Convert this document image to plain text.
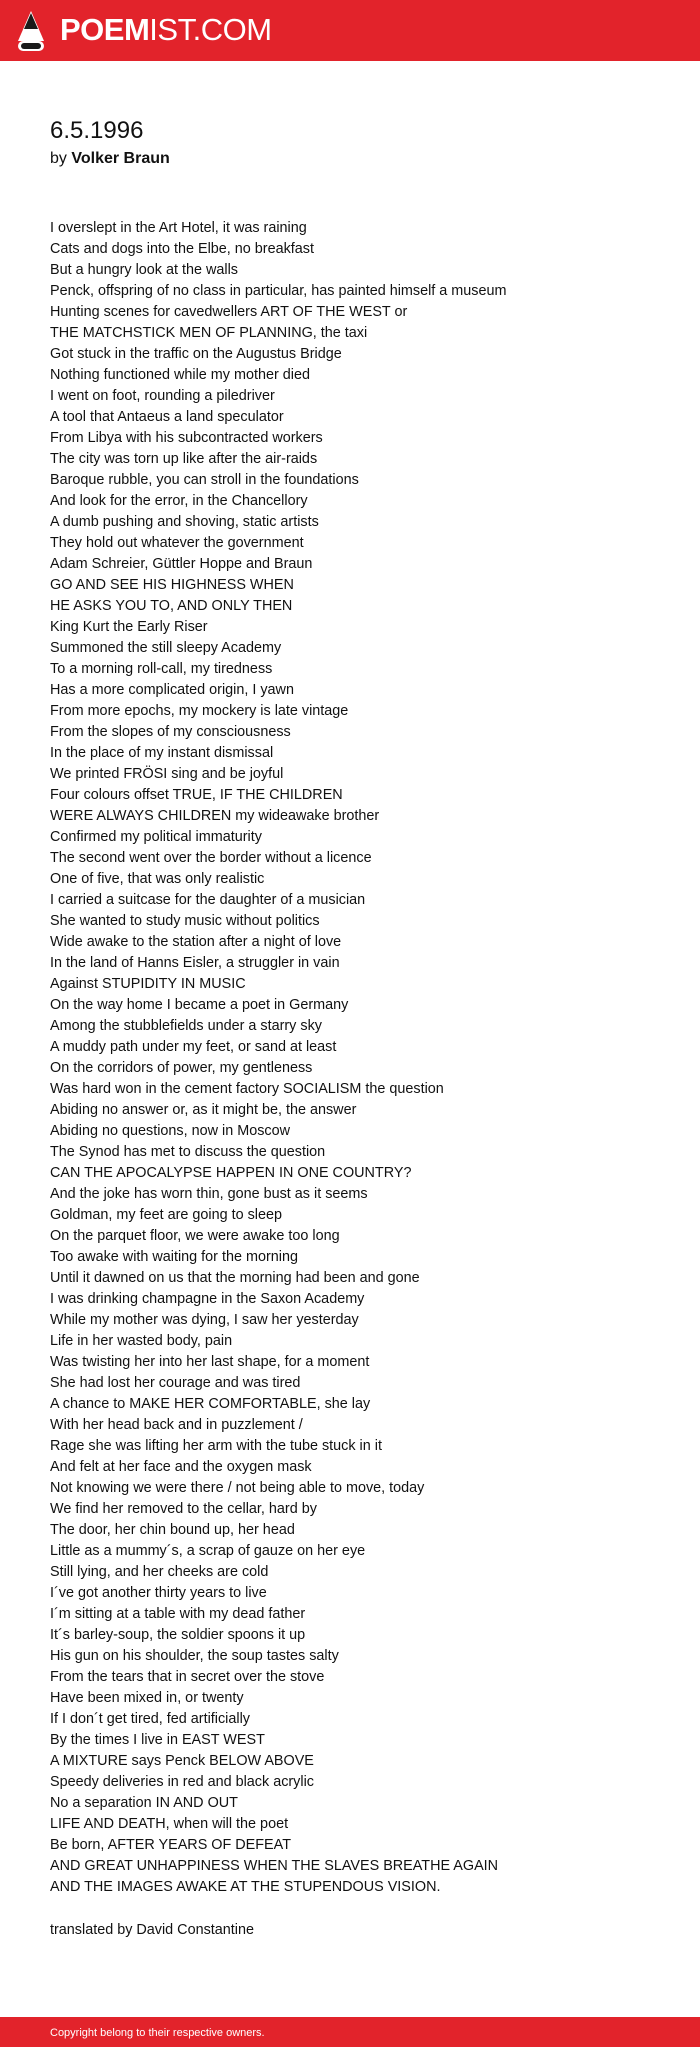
POEMIST.COM
6.5.1996
by Volker Braun
I overslept in the Art Hotel, it was raining
Cats and dogs into the Elbe, no breakfast
But a hungry look at the walls
Penck, offspring of no class in particular, has painted himself a museum
Hunting scenes for cavedwellers ART OF THE WEST or
THE MATCHSTICK MEN OF PLANNING, the taxi
Got stuck in the traffic on the Augustus Bridge
Nothing functioned while my mother died
I went on foot, rounding a piledriver
A tool that Antaeus a land speculator
From Libya with his subcontracted workers
The city was torn up like after the air-raids
Baroque rubble, you can stroll in the foundations
And look for the error, in the Chancellory
A dumb pushing and shoving, static artists
They hold out whatever the government
Adam Schreier, Güttler Hoppe and Braun
GO AND SEE HIS HIGHNESS WHEN
HE ASKS YOU TO, AND ONLY THEN
King Kurt the Early Riser
Summoned the still sleepy Academy
To a morning roll-call, my tiredness
Has a more complicated origin, I yawn
From more epochs, my mockery is late vintage
From the slopes of my consciousness
In the place of my instant dismissal
We printed FRÖSI sing and be joyful
Four colours offset TRUE, IF THE CHILDREN
WERE ALWAYS CHILDREN my wideawake brother
Confirmed my political immaturity
The second went over the border without a licence
One of five, that was only realistic
I carried a suitcase for the daughter of a musician
She wanted to study music without politics
Wide awake to the station after a night of love
In the land of Hanns Eisler, a struggler in vain
Against STUPIDITY IN MUSIC
On the way home I became a poet in Germany
Among the stubblefields under a starry sky
A muddy path under my feet, or sand at least
On the corridors of power, my gentleness
Was hard won in the cement factory SOCIALISM the question
Abiding no answer or, as it might be, the answer
Abiding no questions, now in Moscow
The Synod has met to discuss the question
CAN THE APOCALYPSE HAPPEN IN ONE COUNTRY?
And the joke has worn thin, gone bust as it seems
Goldman, my feet are going to sleep
On the parquet floor, we were awake too long
Too awake with waiting for the morning
Until it dawned on us that the morning had been and gone
I was drinking champagne in the Saxon Academy
While my mother was dying, I saw her yesterday
Life in her wasted body, pain
Was twisting her into her last shape, for a moment
She had lost her courage and was tired
A chance to MAKE HER COMFORTABLE, she lay
With her head back and in puzzlement /
Rage she was lifting her arm with the tube stuck in it
And felt at her face and the oxygen mask
Not knowing we were there / not being able to move, today
We find her removed to the cellar, hard by
The door, her chin bound up, her head
Little as a mummy´s, a scrap of gauze on her eye
Still lying, and her cheeks are cold
I´ve got another thirty years to live
I´m sitting at a table with my dead father
It´s barley-soup, the soldier spoons it up
His gun on his shoulder, the soup tastes salty
From the tears that in secret over the stove
Have been mixed in, or twenty
If I don´t get tired, fed artificially
By the times I live in EAST WEST
A MIXTURE says Penck BELOW ABOVE
Speedy deliveries in red and black acrylic
No a separation IN AND OUT
LIFE AND DEATH, when will the poet
Be born, AFTER YEARS OF DEFEAT
AND GREAT UNHAPPINESS WHEN THE SLAVES BREATHE AGAIN
AND THE IMAGES AWAKE AT THE STUPENDOUS VISION.
translated by David Constantine
Copyright belong to their respective owners.
